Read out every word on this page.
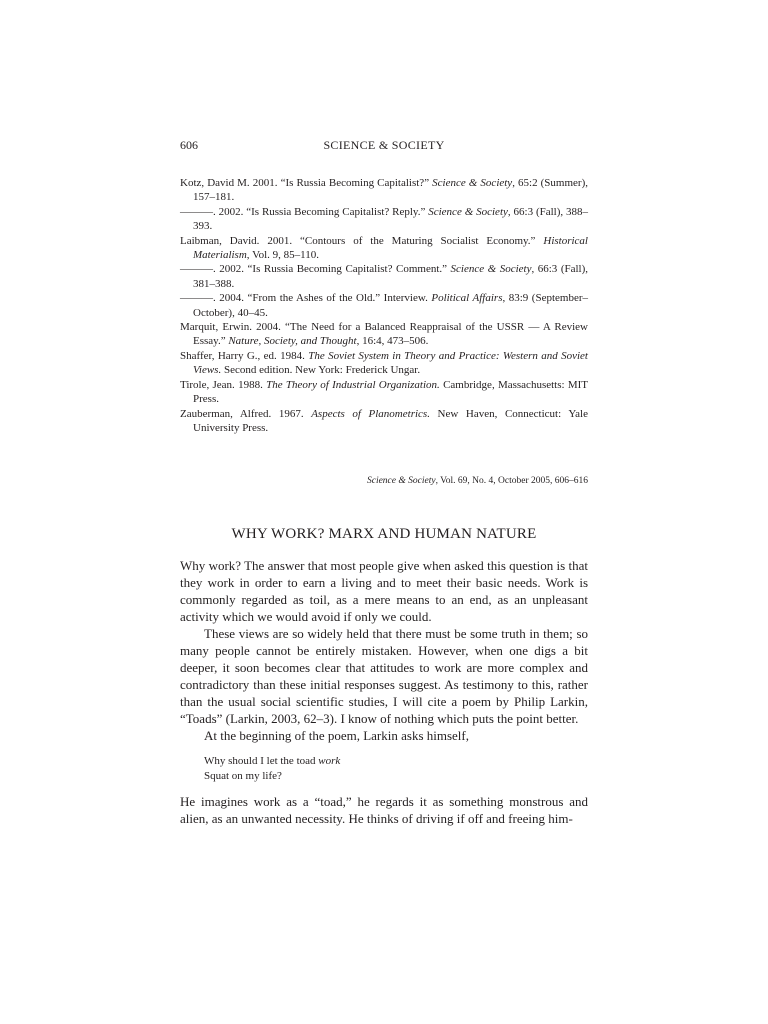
606	SCIENCE & SOCIETY

Kotz, David M. 2001. “Is Russia Becoming Capitalist?” Science & Society, 65:2 (Summer), 157–181.

———. 2002. “Is Russia Becoming Capitalist? Reply.” Science & Society, 66:3 (Fall), 388–393.

Laibman, David. 2001. “Contours of the Maturing Socialist Economy.” Historical Materialism, Vol. 9, 85–110.

———. 2002. “Is Russia Becoming Capitalist? Comment.” Science & Society, 66:3 (Fall), 381–388.

———. 2004. “From the Ashes of the Old.” Interview. Political Affairs, 83:9 (September–October), 40–45.

Marquit, Erwin. 2004. “The Need for a Balanced Reappraisal of the USSR — A Review Essay.” Nature, Society, and Thought, 16:4, 473–506.

Shaffer, Harry G., ed. 1984. The Soviet System in Theory and Practice: Western and Soviet Views. Second edition. New York: Frederick Ungar.

Tirole, Jean. 1988. The Theory of Industrial Organization. Cambridge, Massachusetts: MIT Press.

Zauberman, Alfred. 1967. Aspects of Planometrics. New Haven, Connecticut: Yale University Press.

Science & Society, Vol. 69, No. 4, October 2005, 606–616
WHY WORK? MARX AND HUMAN NATURE

Why work? The answer that most people give when asked this question is that they work in order to earn a living and to meet their basic needs. Work is commonly regarded as toil, as a mere means to an end, as an unpleasant activity which we would avoid if only we could.

These views are so widely held that there must be some truth in them; so many people cannot be entirely mistaken. However, when one digs a bit deeper, it soon becomes clear that attitudes to work are more complex and contradictory than these initial responses suggest. As testimony to this, rather than the usual social scientific studies, I will cite a poem by Philip Larkin, “Toads” (Larkin, 2003, 62–3). I know of nothing which puts the point better.

At the beginning of the poem, Larkin asks himself,

Why should I let the toad work
Squat on my life?

He imagines work as a “toad,” he regards it as something monstrous and alien, as an unwanted necessity. He thinks of driving if off and freeing him-
